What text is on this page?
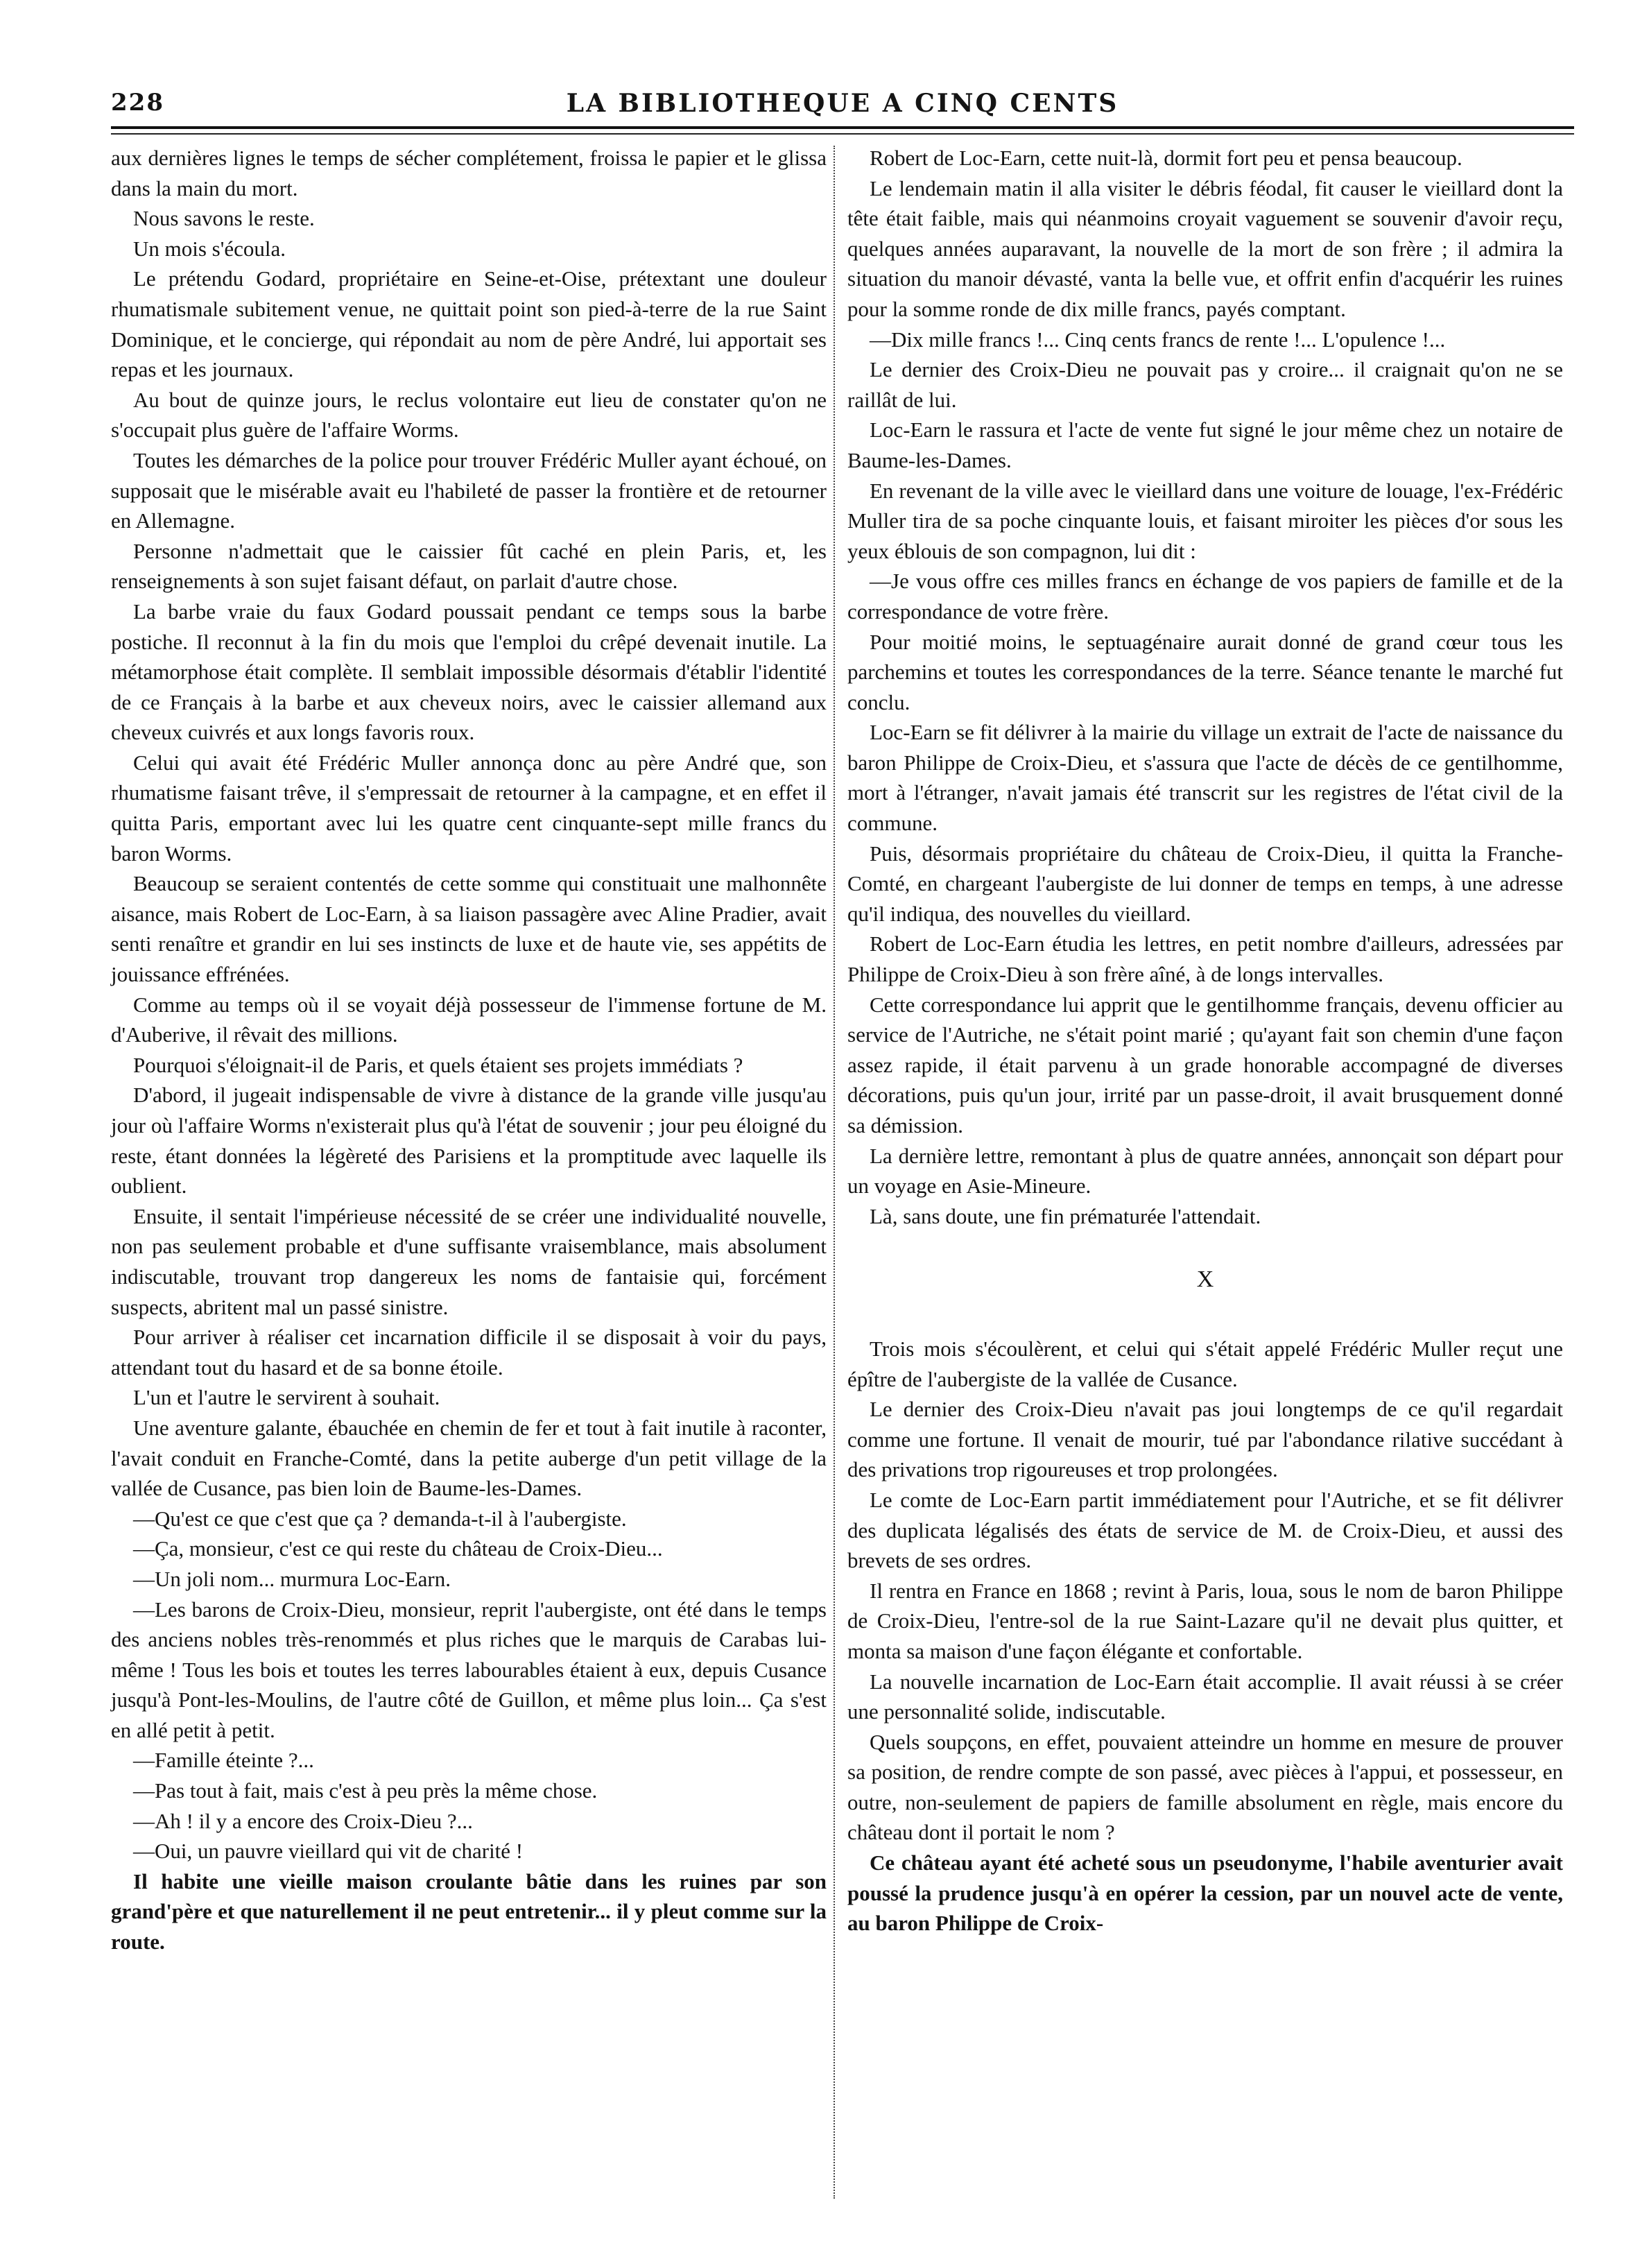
228	LA BIBLIOTHEQUE A CINQ CENTS

aux dernières lignes le temps de sécher complétement, froissa le papier et le glissa dans la main du mort.

Nous savons le reste.

Un mois s'écoula.

Le prétendu Godard, propriétaire en Seine-et-Oise, prétextant une douleur rhumatismale subitement venue, ne quittait point son pied-à-terre de la rue Saint Dominique, et le concierge, qui répondait au nom de père André, lui apportait ses repas et les journaux.

Au bout de quinze jours, le reclus volontaire eut lieu de constater qu'on ne s'occupait plus guère de l'affaire Worms.

Toutes les démarches de la police pour trouver Frédéric Muller ayant échoué, on supposait que le misérable avait eu l'habileté de passer la frontière et de retourner en Allemagne.

Personne n'admettait que le caissier fût caché en plein Paris, et, les renseignements à son sujet faisant défaut, on parlait d'autre chose.

La barbe vraie du faux Godard poussait pendant ce temps sous la barbe postiche. Il reconnut à la fin du mois que l'emploi du crêpé devenait inutile. La métamorphose était complète. Il semblait impossible désormais d'établir l'identité de ce Français à la barbe et aux cheveux noirs, avec le caissier allemand aux cheveux cuivrés et aux longs favoris roux.

Celui qui avait été Frédéric Muller annonça donc au père André que, son rhumatisme faisant trêve, il s'empressait de retourner à la campagne, et en effet il quitta Paris, emportant avec lui les quatre cent cinquante-sept mille francs du baron Worms.

Beaucoup se seraient contentés de cette somme qui constituait une malhonnête aisance, mais Robert de Loc-Earn, à sa liaison passagère avec Aline Pradier, avait senti renaître et grandir en lui ses instincts de luxe et de haute vie, ses appétits de jouissance effrénées.

Comme au temps où il se voyait déjà possesseur de l'immense fortune de M. d'Auberive, il rêvait des millions.

Pourquoi s'éloignait-il de Paris, et quels étaient ses projets immédiats ?

D'abord, il jugeait indispensable de vivre à distance de la grande ville jusqu'au jour où l'affaire Worms n'existerait plus qu'à l'état de souvenir ; jour peu éloigné du reste, étant données la légèreté des Parisiens et la promptitude avec laquelle ils oublient.

Ensuite, il sentait l'impérieuse nécessité de se créer une individualité nouvelle, non pas seulement probable et d'une suffisante vraisemblance, mais absolument indiscutable, trouvant trop dangereux les noms de fantaisie qui, forcément suspects, abritent mal un passé sinistre.

Pour arriver à réaliser cet incarnation difficile il se disposait à voir du pays, attendant tout du hasard et de sa bonne étoile.

L'un et l'autre le servirent à souhait.

Une aventure galante, ébauchée en chemin de fer et tout à fait inutile à raconter, l'avait conduit en Franche-Comté, dans la petite auberge d'un petit village de la vallée de Cusance, pas bien loin de Baume-les-Dames.

—Qu'est ce que c'est que ça ? demanda-t-il à l'aubergiste.

—Ça, monsieur, c'est ce qui reste du château de Croix-Dieu...

—Un joli nom... murmura Loc-Earn.

—Les barons de Croix-Dieu, monsieur, reprit l'aubergiste, ont été dans le temps des anciens nobles très-renommés et plus riches que le marquis de Carabas lui-même ! Tous les bois et toutes les terres labourables étaient à eux, depuis Cusance jusqu'à Pont-les-Moulins, de l'autre côté de Guillon, et même plus loin... Ça s'est en allé petit à petit.

—Famille éteinte ?...

—Pas tout à fait, mais c'est à peu près la même chose.

—Ah ! il y a encore des Croix-Dieu ?...

—Oui, un pauvre vieillard qui vit de charité !

Il habite une vieille maison croulante bâtie dans les ruines par son grand'père et que naturellement il ne peut entretenir... il y pleut comme sur la route.

Robert de Loc-Earn, cette nuit-là, dormit fort peu et pensa beaucoup.

Le lendemain matin il alla visiter le débris féodal, fit causer le vieillard dont la tête était faible, mais qui néanmoins croyait vaguement se souvenir d'avoir reçu, quelques années auparavant, la nouvelle de la mort de son frère ; il admira la situation du manoir dévasté, vanta la belle vue, et offrit enfin d'acquérir les ruines pour la somme ronde de dix mille francs, payés comptant.

—Dix mille francs !... Cinq cents francs de rente !... L'opulence !...

Le dernier des Croix-Dieu ne pouvait pas y croire... il craignait qu'on ne se raillât de lui.

Loc-Earn le rassura et l'acte de vente fut signé le jour même chez un notaire de Baume-les-Dames.

En revenant de la ville avec le vieillard dans une voiture de louage, l'ex-Frédéric Muller tira de sa poche cinquante louis, et faisant miroiter les pièces d'or sous les yeux éblouis de son compagnon, lui dit :

—Je vous offre ces milles francs en échange de vos papiers de famille et de la correspondance de votre frère.

Pour moitié moins, le septuagénaire aurait donné de grand cœur tous les parchemins et toutes les correspondances de la terre. Séance tenante le marché fut conclu.

Loc-Earn se fit délivrer à la mairie du village un extrait de l'acte de naissance du baron Philippe de Croix-Dieu, et s'assura que l'acte de décès de ce gentilhomme, mort à l'étranger, n'avait jamais été transcrit sur les registres de l'état civil de la commune.

Puis, désormais propriétaire du château de Croix-Dieu, il quitta la Franche-Comté, en chargeant l'aubergiste de lui donner de temps en temps, à une adresse qu'il indiqua, des nouvelles du vieillard.

Robert de Loc-Earn étudia les lettres, en petit nombre d'ailleurs, adressées par Philippe de Croix-Dieu à son frère aîné, à de longs intervalles.

Cette correspondance lui apprit que le gentilhomme français, devenu officier au service de l'Autriche, ne s'était point marié ; qu'ayant fait son chemin d'une façon assez rapide, il était parvenu à un grade honorable accompagné de diverses décorations, puis qu'un jour, irrité par un passe-droit, il avait brusquement donné sa démission.

La dernière lettre, remontant à plus de quatre années, annonçait son départ pour un voyage en Asie-Mineure.

Là, sans doute, une fin prématurée l'attendait.

X

Trois mois s'écoulèrent, et celui qui s'était appelé Frédéric Muller reçut une épître de l'aubergiste de la vallée de Cusance.

Le dernier des Croix-Dieu n'avait pas joui longtemps de ce qu'il regardait comme une fortune. Il venait de mourir, tué par l'abondance rilative succédant à des privations trop rigoureuses et trop prolongées.

Le comte de Loc-Earn partit immédiatement pour l'Autriche, et se fit délivrer des duplicata légalisés des états de service de M. de Croix-Dieu, et aussi des brevets de ses ordres.

Il rentra en France en 1868 ; revint à Paris, loua, sous le nom de baron Philippe de Croix-Dieu, l'entre-sol de la rue Saint-Lazare qu'il ne devait plus quitter, et monta sa maison d'une façon élégante et confortable.

La nouvelle incarnation de Loc-Earn était accomplie. Il avait réussi à se créer une personnalité solide, indiscutable.

Quels soupçons, en effet, pouvaient atteindre un homme en mesure de prouver sa position, de rendre compte de son passé, avec pièces à l'appui, et possesseur, en outre, non-seulement de papiers de famille absolument en règle, mais encore du château dont il portait le nom ?

Ce château ayant été acheté sous un pseudonyme, l'habile aventurier avait poussé la prudence jusqu'à en opérer la cession, par un nouvel acte de vente, au baron Philippe de Croix-
